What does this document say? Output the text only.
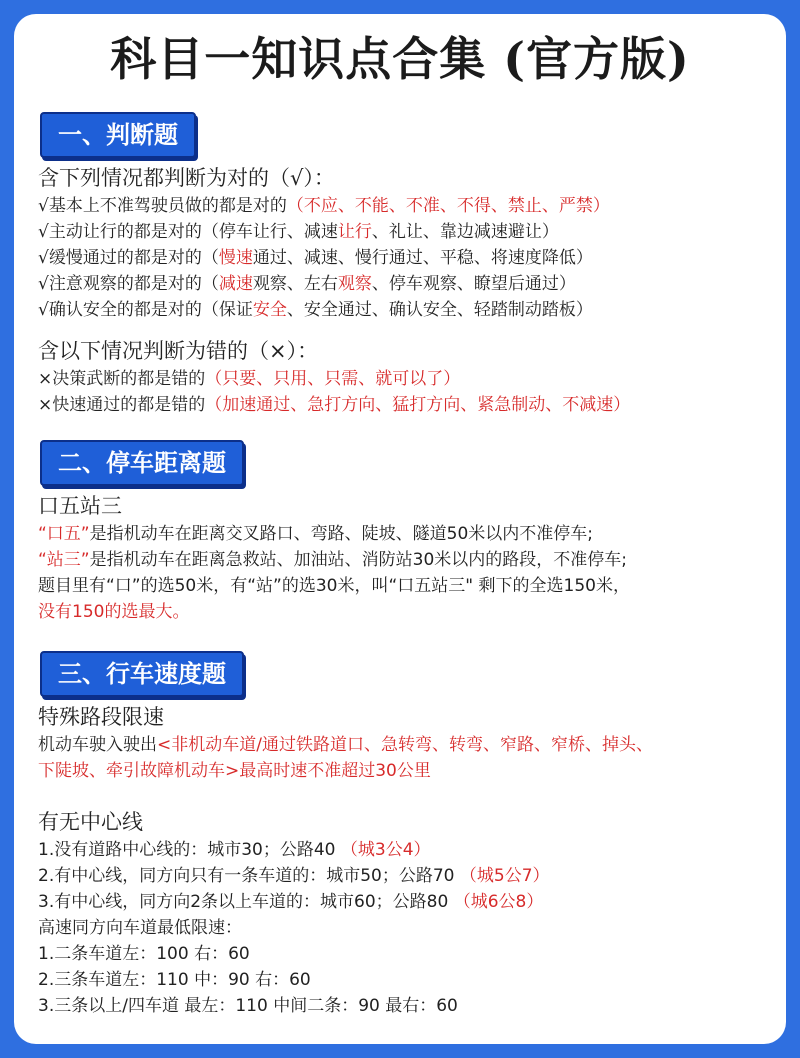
科目一知识点合集 (官方版)
一、判断题
含下列情况都判断为对的（√）：
√基本上不准驾驶员做的都是对的（不应、不能、不准、不得、禁止、严禁）
√主动让行的都是对的（停车让行、减速让行、礼让、靠边减速避让）
√缓慢通过的都是对的（慢速通过、减速、慢行通过、平稳、将速度降低）
√注意观察的都是对的（减速观察、左右观察、停车观察、瞭望后通过）
√确认安全的都是对的（保证安全、安全通过、确认安全、轻踏制动踏板）
含以下情况判断为错的（×）：
×决策武断的都是错的（只要、只用、只需、就可以了）
×快速通过的都是错的（加速通过、急打方向、猛打方向、紧急制动、不减速）
二、停车距离题
口五站三
“口五”是指机动车在距离交叉路口、弯路、陡坡、隧道50米以内不准停车;
“站三”是指机动车在距离急救站、加油站、消防站30米以内的路段，不准停车;
题目里有“口”的选50米，有“站”的选30米，叫“口五站三" 剩下的全选150米，
没有150的选最大。
三、行车速度题
特殊路段限速
机动车驶入驶出<非机动车道/通过铁路道口、急转弯、转弯、窄路、窄桥、掉头、
下陡坡、牵引故障机动车>最高时速不准超过30公里
有无中心线
1.没有道路中心线的：城市30；公路40 （城3公4）
2.有中心线，同方向只有一条车道的：城市50；公路70 （城5公7）
3.有中心线，同方向2条以上车道的：城市60；公路80 （城6公8）
高速同方向车道最低限速：
1.二条车道左：100 右：60
2.三条车道左：110 中：90 右：60
3.三条以上/四车道 最左：110 中间二条：90 最右：60
